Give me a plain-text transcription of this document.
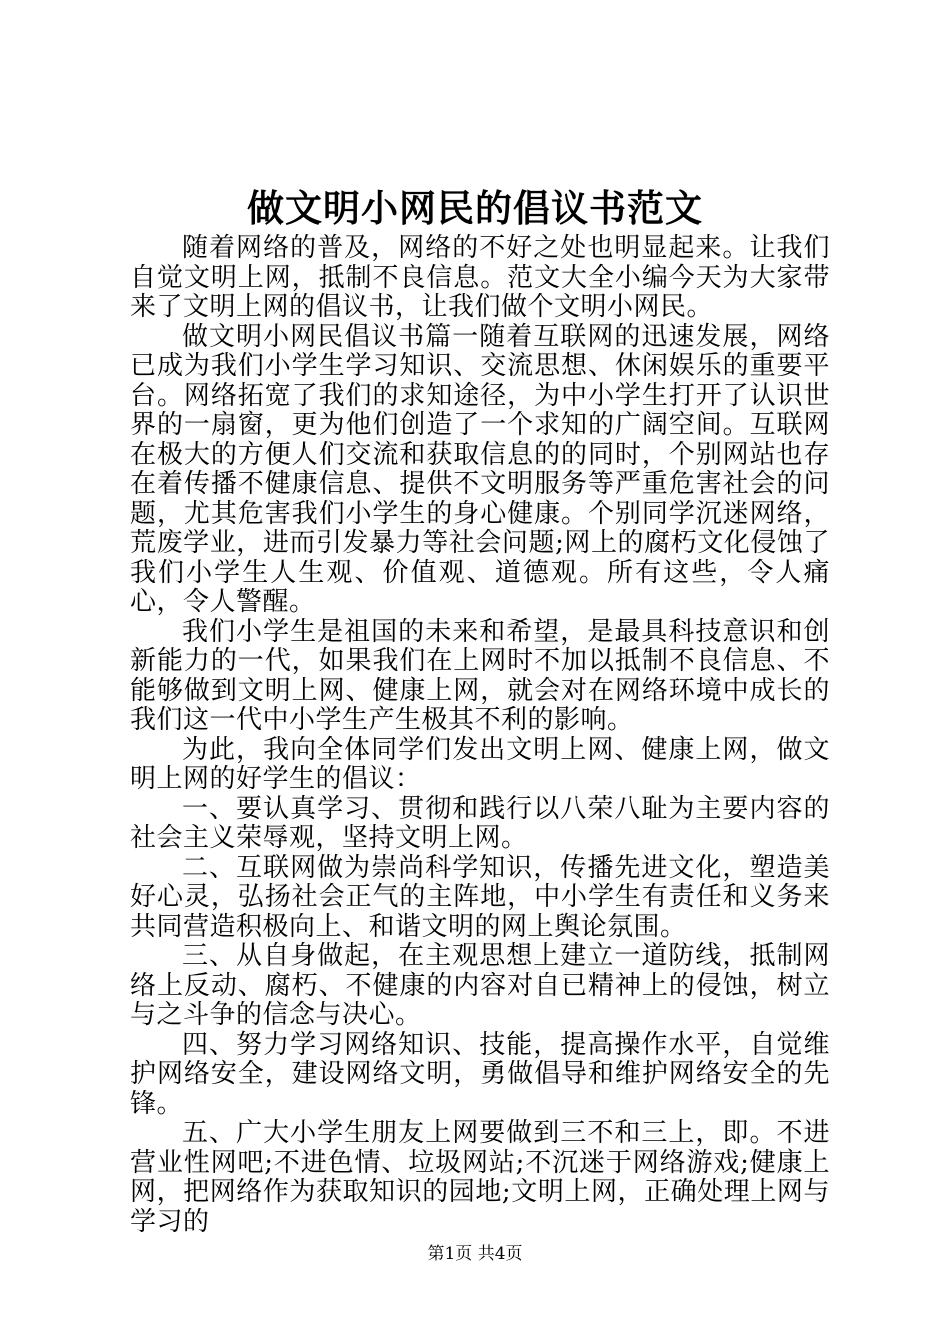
做文明小网民的倡议书范文

随着网络的普及，网络的不好之处也明显起来。让我们自觉文明上网，抵制不良信息。范文大全小编今天为大家带来了文明上网的倡议书，让我们做个文明小网民。

做文明小网民倡议书篇一随着互联网的迅速发展，网络已成为我们小学生学习知识、交流思想、休闲娱乐的重要平台。网络拓宽了我们的求知途径，为中小学生打开了认识世界的一扇窗，更为他们创造了一个求知的广阔空间。互联网在极大的方便人们交流和获取信息的的同时，个别网站也存在着传播不健康信息、提供不文明服务等严重危害社会的问题，尤其危害我们小学生的身心健康。个别同学沉迷网络，荒废学业，进而引发暴力等社会问题;网上的腐朽文化侵蚀了我们小学生人生观、价值观、道德观。所有这些，令人痛心，令人警醒。

我们小学生是祖国的未来和希望，是最具科技意识和创新能力的一代，如果我们在上网时不加以抵制不良信息、不能够做到文明上网、健康上网，就会对在网络环境中成长的我们这一代中小学生产生极其不利的影响。

为此，我向全体同学们发出文明上网、健康上网，做文明上网的好学生的倡议：

一、要认真学习、贯彻和践行以八荣八耻为主要内容的社会主义荣辱观，坚持文明上网。

二、互联网做为崇尚科学知识，传播先进文化，塑造美好心灵，弘扬社会正气的主阵地，中小学生有责任和义务来共同营造积极向上、和谐文明的网上舆论氛围。

三、从自身做起，在主观思想上建立一道防线，抵制网络上反动、腐朽、不健康的内容对自已精神上的侵蚀，树立与之斗争的信念与决心。

四、努力学习网络知识、技能，提高操作水平，自觉维护网络安全，建设网络文明，勇做倡导和维护网络安全的先锋。

五、广大小学生朋友上网要做到三不和三上，即。不进营业性网吧;不进色情、垃圾网站;不沉迷于网络游戏;健康上网，把网络作为获取知识的园地;文明上网，正确处理上网与学习的

第1页 共4页
